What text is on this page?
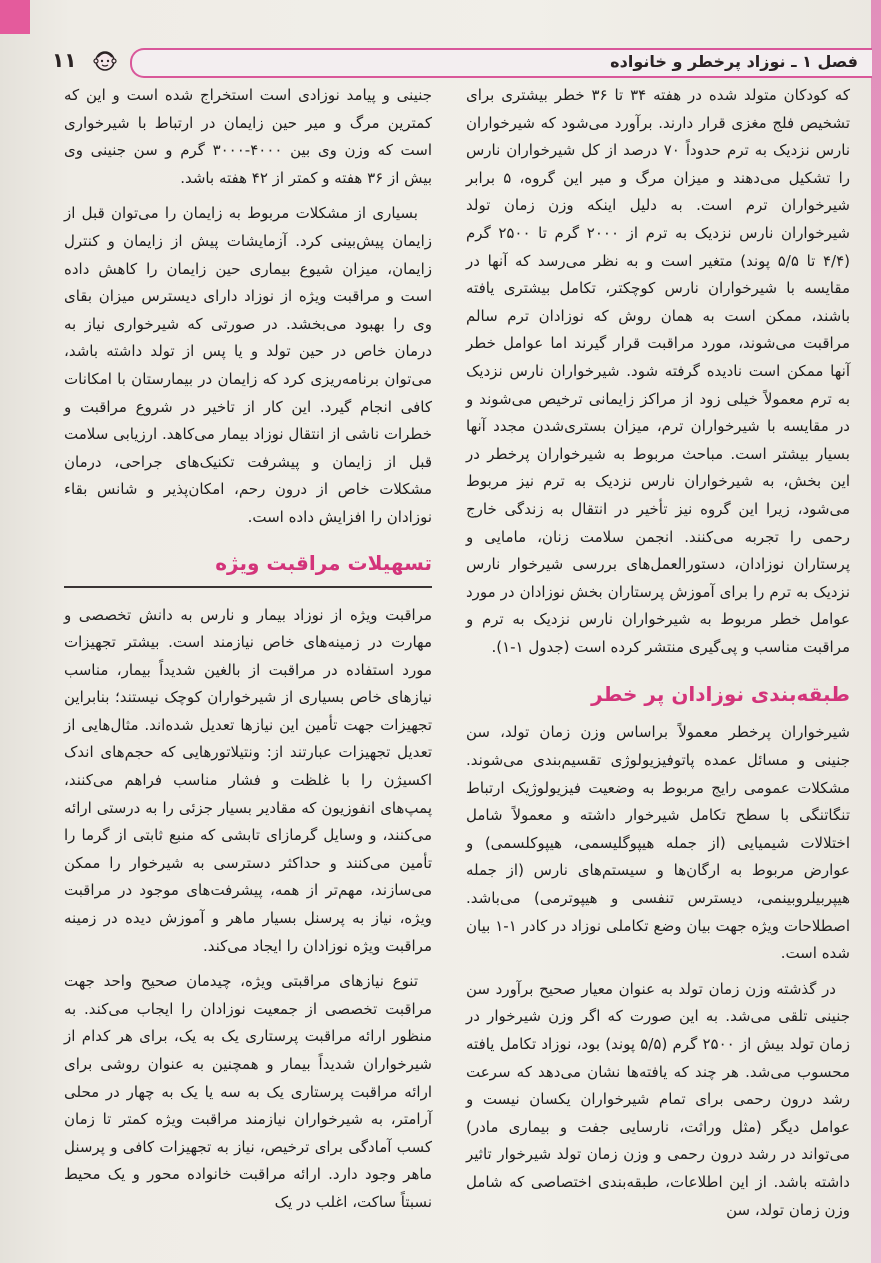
فصل ۱ ـ نوزاد پرخطر و خانواده
۱۱

که کودکان متولد شده در هفته ۳۴ تا ۳۶ خطر بیشتری برای تشخیص فلج مغزی قرار دارند. برآورد می‌شود که شیرخواران نارس نزدیک به ترم حدوداً ۷۰ درصد از کل شیرخواران نارس را تشکیل می‌دهند و میزان مرگ و میر این گروه، ۵ برابر شیرخواران ترم است. به دلیل اینکه وزن زمان تولد شیرخواران نارس نزدیک به ترم از ۲۰۰۰ گرم تا ۲۵۰۰ گرم (۴/۴ تا ۵/۵ پوند) متغیر است و به نظر می‌رسد که آنها در مقایسه با شیرخواران نارس کوچکتر، تکامل بیشتری یافته باشند، ممکن است به همان روش که نوزادان ترم سالم مراقبت می‌شوند، مورد مراقبت قرار گیرند اما عوامل خطر آنها ممکن است نادیده گرفته شود. شیرخواران نارس نزدیک به ترم معمولاً خیلی زود از مراکز زایمانی ترخیص می‌شوند و در مقایسه با شیرخواران ترم، میزان بستری‌شدن مجدد آنها بسیار بیشتر است. مباحث مربوط به شیرخواران پرخطر در این بخش، به شیرخواران نارس نزدیک به ترم نیز مربوط می‌شود، زیرا این گروه نیز تأخیر در انتقال به زندگی خارج رحمی را تجربه می‌کنند. انجمن سلامت زنان، مامایی و پرستاران نوزادان، دستورالعمل‌های بررسی شیرخوار نارس نزدیک به ترم را برای آموزش پرستاران بخش نوزادان در مورد عوامل خطر مربوط به شیرخواران نارس نزدیک به ترم و مراقبت مناسب و پی‌گیری منتشر کرده است (جدول ۱-۱).

طبقه‌بندی نوزادان پر خطر

شیرخواران پرخطر معمولاً براساس وزن زمان تولد، سن جنینی و مسائل عمده پاتوفیزیولوژی تقسیم‌بندی می‌شوند. مشکلات عمومی رایج مربوط به وضعیت فیزیولوژیک ارتباط تنگاتنگی با سطح تکامل شیرخوار داشته و معمولاً شامل اختلالات شیمیایی (از جمله هیپوگلیسمی، هیپوکلسمی) و عوارض مربوط به ارگان‌ها و سیستم‌های نارس (از جمله هیپربیلروبینمی، دیسترس تنفسی و هیپوترمی) می‌باشد. اصطلاحات ویژه جهت بیان وضع تکاملی نوزاد در کادر ۱-۱ بیان شده است.

در گذشته وزن زمان تولد به عنوان معیار صحیح برآورد سن جنینی تلقی می‌شد. به این صورت که اگر وزن شیرخوار در زمان تولد بیش از ۲۵۰۰ گرم (۵/۵ پوند) بود، نوزاد تکامل یافته محسوب می‌شد. هر چند که یافته‌ها نشان می‌دهد که سرعت رشد درون رحمی برای تمام شیرخواران یکسان نیست و عوامل دیگر (مثل وراثت، نارسایی جفت و بیماری مادر) می‌تواند در رشد درون رحمی و وزن زمان تولد شیرخوار تاثیر داشته باشد. از این اطلاعات، طبقه‌بندی اختصاصی که شامل وزن زمان تولد، سن

جنینی و پیامد نوزادی است استخراج شده است و این که کمترین مرگ و میر حین زایمان در ارتباط با شیرخواری است که وزن وی بین ۴۰۰۰-۳۰۰۰ گرم و سن جنینی وی بیش از ۳۶ هفته و کمتر از ۴۲ هفته باشد.

بسیاری از مشکلات مربوط به زایمان را می‌توان قبل از زایمان پیش‌بینی کرد. آزمایشات پیش از زایمان و کنترل زایمان، میزان شیوع بیماری حین زایمان را کاهش داده است و مراقبت ویژه از نوزاد دارای دیسترس میزان بقای وی را بهبود می‌بخشد. در صورتی که شیرخواری نیاز به درمان خاص در حین تولد و یا پس از تولد داشته باشد، می‌توان برنامه‌ریزی کرد که زایمان در بیمارستان با امکانات کافی انجام گیرد. این کار از تاخیر در شروع مراقبت و خطرات ناشی از انتقال نوزاد بیمار می‌کاهد. ارزیابی سلامت قبل از زایمان و پیشرفت تکنیک‌های جراحی، درمان مشکلات خاص از درون رحم، امکان‌پذیر و شانس بقاء نوزادان را افزایش داده است.

تسهیلات مراقبت ویژه

مراقبت ویژه از نوزاد بیمار و نارس به دانش تخصصی و مهارت در زمینه‌های خاص نیازمند است. بیشتر تجهیزات مورد استفاده در مراقبت از بالغین شدیداً بیمار، مناسب نیازهای خاص بسیاری از شیرخواران کوچک نیستند؛ بنابراین تجهیزات جهت تأمین این نیازها تعدیل شده‌اند. مثال‌هایی از تعدیل تجهیزات عبارتند از: ونتیلاتورهایی که حجم‌های اندک اکسیژن را با غلظت و فشار مناسب فراهم می‌کنند، پمپ‌های انفوزیون که مقادیر بسیار جزئی را به درستی ارائه می‌کنند، و وسایل گرمازای تابشی که منبع ثابتی از گرما را تأمین می‌کنند و حداکثر دسترسی به شیرخوار را ممکن می‌سازند، مهم‌تر از همه، پیشرفت‌های موجود در مراقبت ویژه، نیاز به پرسنل بسیار ماهر و آموزش دیده در زمینه مراقبت ویژه نوزادان را ایجاد می‌کند.

تنوع نیازهای مراقبتی ویژه، چیدمان صحیح واحد جهت مراقبت تخصصی از جمعیت نوزادان را ایجاب می‌کند. به منظور ارائه مراقبت پرستاری یک به یک، برای هر کدام از شیرخواران شدیداً بیمار و همچنین به عنوان روشی برای ارائه مراقبت پرستاری یک به سه یا یک به چهار در محلی آرامتر، به شیرخواران نیازمند مراقبت ویژه کمتر تا زمان کسب آمادگی برای ترخیص، نیاز به تجهیزات کافی و پرسنل ماهر وجود دارد. ارائه مراقبت خانواده محور و یک محیط نسبتاً ساکت، اغلب در یک
